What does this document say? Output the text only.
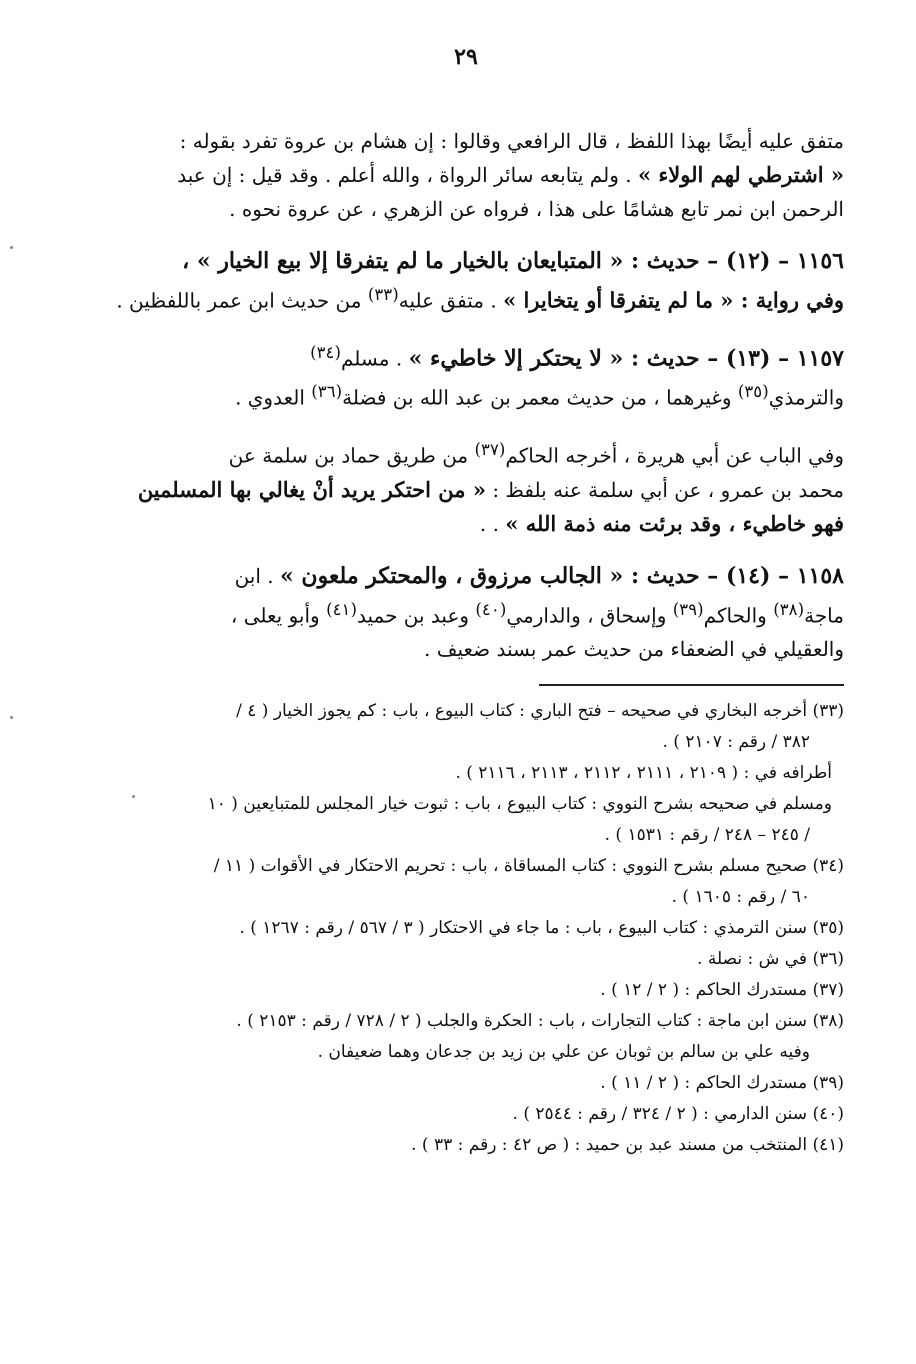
٢٩
متفق عليه أيضًا بهذا اللفظ ، قال الرافعي وقالوا : إن هشام بن عروة تفرد بقوله :
« اشترطي لهم الولاء » . ولم يتابعه سائر الرواة ، والله أعلم . وقد قيل : إن عبد
الرحمن ابن نمر تابع هشامًا على هذا ، فرواه عن الزهري ، عن عروة نحوه .
١١٥٦ – (١٢) – حديث : « المتبايعان بالخيار ما لم يتفرقا إلا بيع الخيار » ،
وفي رواية : « ما لم يتفرقا أو يتخايرا » . متفق عليه$^{(٣٣)}$ من حديث ابن عمر باللفظين .
١١٥٧ – (١٣) – حديث : « لا يحتكر إلا خاطيء » . مسلم$^{(٣٤)}$
والترمذي$^{(٣٥)}$ وغيرهما ، من حديث معمر بن عبد الله بن فضلة$^{(٣٦)}$ العدوي .
وفي الباب عن أبي هريرة ، أخرجه الحاكم$^{(٣٧)}$ من طريق حماد بن سلمة عن
محمد بن عمرو ، عن أبي سلمة عنه بلفظ : « من احتكر يريد أنْ يغالي بها المسلمين
فهو خاطيء ، وقد برئت منه ذمة الله » . .
١١٥٨ – (١٤) – حديث : « الجالب مرزوق ، والمحتكر ملعون » . ابن
ماجة$^{(٣٨)}$ والحاكم$^{(٣٩)}$ وإسحاق ، والدارمي$^{(٤٠)}$ وعبد بن حميد$^{(٤١)}$ وأبو يعلى ،
والعقيلي في الضعفاء من حديث عمر بسند ضعيف .
(٣٣) أخرجه البخاري في صحيحه – فتح الباري : كتاب البيوع ، باب : كم يجوز الخيار ( ٤ /
٣٨٢ / رقم : ٢١٠٧ ) .
أطرافه في : ( ٢١٠٩ ، ٢١١١ ، ٢١١٢ ، ٢١١٣ ، ٢١١٦ ) .
ومسلم في صحيحه بشرح النووي : كتاب البيوع ، باب : ثبوت خيار المجلس للمتبايعين ( ١٠
/ ٢٤٥ – ٢٤٨ / رقم : ١٥٣١ ) .
(٣٤) صحيح مسلم بشرح النووي : كتاب المساقاة ، باب : تحريم الاحتكار في الأقوات ( ١١ /
٦٠ / رقم : ١٦٠٥ ) .
(٣٥) سنن الترمذي : كتاب البيوع ، باب : ما جاء في الاحتكار ( ٣ / ٥٦٧ / رقم : ١٢٦٧ ) .
(٣٦) في ش : نصلة .
(٣٧) مستدرك الحاكم : ( ٢ / ١٢ ) .
(٣٨) سنن ابن ماجة : كتاب التجارات ، باب : الحكرة والجلب ( ٢ / ٧٢٨ / رقم : ٢١٥٣ ) .
وفيه علي بن سالم بن ثوبان عن علي بن زيد بن جدعان وهما ضعيفان .
(٣٩) مستدرك الحاكم : ( ٢ / ١١ ) .
(٤٠) سنن الدارمي : ( ٢ / ٣٢٤ / رقم : ٢٥٤٤ ) .
(٤١) المنتخب من مسند عبد بن حميد : ( ص ٤٢ : رقم : ٣٣ ) .
